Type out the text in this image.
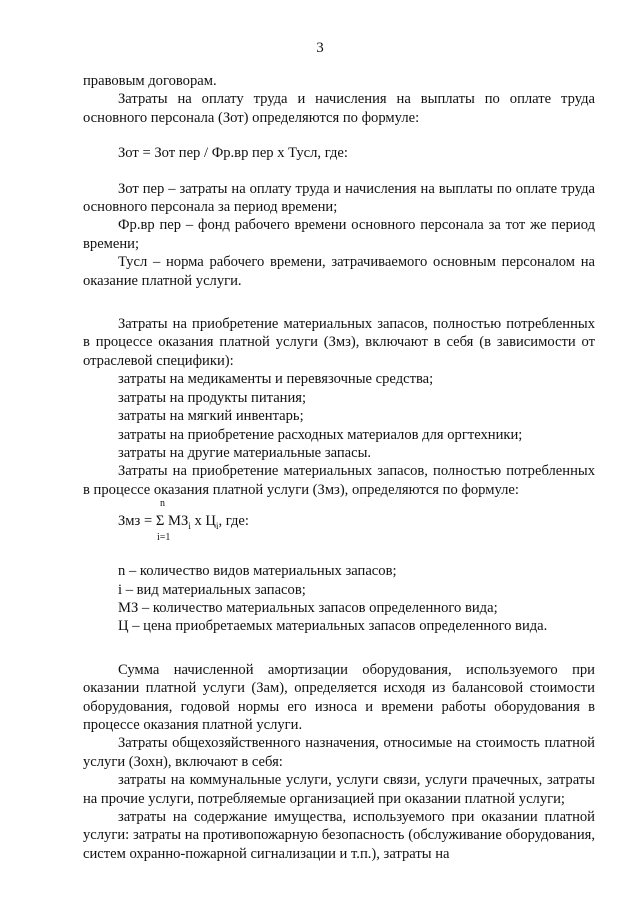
3

правовым договорам.

Затраты на оплату труда и начисления на выплаты по оплате труда основного персонала (Зот) определяются по формуле:

Зот = Зот пер / Фр.вр пер х Тусл, где:

Зот пер – затраты на оплату труда и начисления на выплаты по оплате труда основного персонала за период времени;

Фр.вр пер – фонд рабочего времени основного персонала за тот же период времени;

Тусл – норма рабочего времени, затрачиваемого основным персоналом на оказание платной услуги.

Затраты на приобретение материальных запасов, полностью потребленных в процессе оказания платной услуги (Змз), включают в себя (в зависимости от отраслевой специфики):

затраты на медикаменты и перевязочные средства;

затраты на продукты питания;

затраты на мягкий инвентарь;

затраты на приобретение расходных материалов для оргтехники;

затраты на другие материальные запасы.

Затраты на приобретение материальных запасов, полностью потребленных в процессе оказания платной услуги (Змз), определяются по формуле:

n
Змз = Σ $МЗ_i$ х $Ц_i$, где:
i=1

n – количество видов материальных запасов;

i – вид материальных запасов;

МЗ – количество материальных запасов определенного вида;

Ц – цена приобретаемых материальных запасов определенного вида.

Сумма начисленной амортизации оборудования, используемого при оказании платной услуги (Зам), определяется исходя из балансовой стоимости оборудования, годовой нормы его износа и времени работы оборудования в процессе оказания платной услуги.

Затраты общехозяйственного назначения, относимые на стоимость платной услуги (Зохн), включают в себя:

затраты на коммунальные услуги, услуги связи, услуги прачечных, затраты на прочие услуги, потребляемые организацией при оказании платной услуги;

затраты на содержание имущества, используемого при оказании платной услуги: затраты на противопожарную безопасность (обслуживание оборудования, систем охранно-пожарной сигнализации и т.п.), затраты на
